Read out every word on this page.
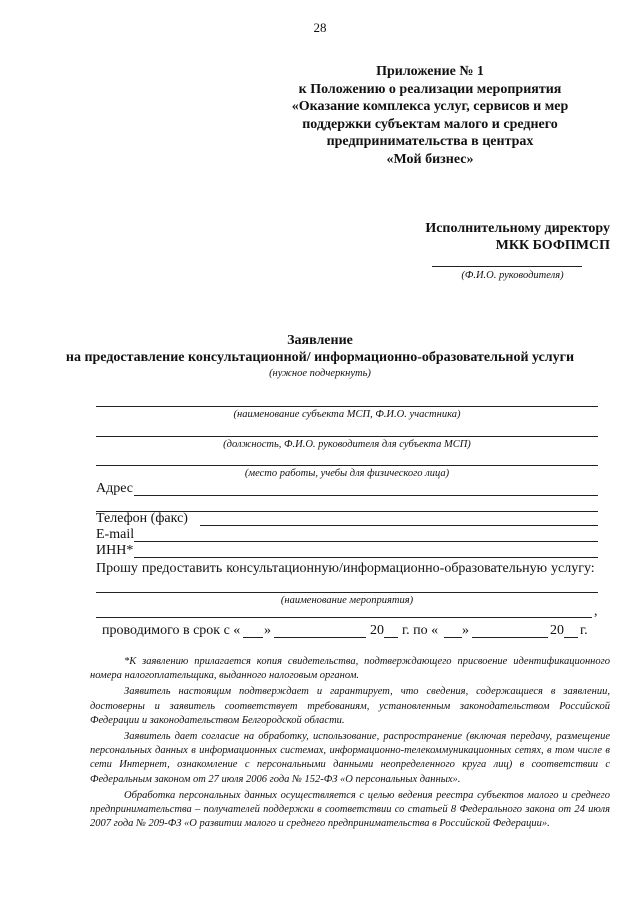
28
Приложение № 1
к Положению о реализации мероприятия
«Оказание комплекса услуг, сервисов и мер
поддержки субъектам малого и среднего
предпринимательства в центрах
«Мой бизнес»
Исполнительному директору
МКК БОФПМСП
(Ф.И.О. руководителя)
Заявление
на предоставление консультационной/ информационно-образовательной услуги
(нужное подчеркнуть)
(наименование субъекта МСП, Ф.И.О. участника)
(должность, Ф.И.О. руководителя для субъекта МСП)
(место работы, учебы для физического лица)
Адрес
Телефон (факс)
E-mail
ИНН*
Прошу предоставить консультационную/информационно-образовательную услугу:
(наименование мероприятия)
,
проводимого в срок с « »	20 г. по « »	20 г.

*К заявлению прилагается копия свидетельства, подтверждающего присвоение идентификационного номера налогоплательщика, выданного налоговым органом.

Заявитель настоящим подтверждает и гарантирует, что сведения, содержащиеся в заявлении, достоверны и заявитель соответствует требованиям, установленным законодательством Российской Федерации и законодательством Белгородской области.

Заявитель дает согласие на обработку, использование, распространение (включая передачу, размещение персональных данных в информационных системах, информационно-телекоммуникационных сетях, в том числе в сети Интернет, ознакомление с персональными данными неопределенного круга лиц) в соответствии с Федеральным законом от 27 июля 2006 года № 152-ФЗ «О персональных данных».

Обработка персональных данных осуществляется с целью ведения реестра субъектов малого и среднего предпринимательства – получателей поддержки в соответствии со статьей 8 Федерального закона от 24 июля 2007 года № 209-ФЗ «О развитии малого и среднего предпринимательства в Российской Федерации».
